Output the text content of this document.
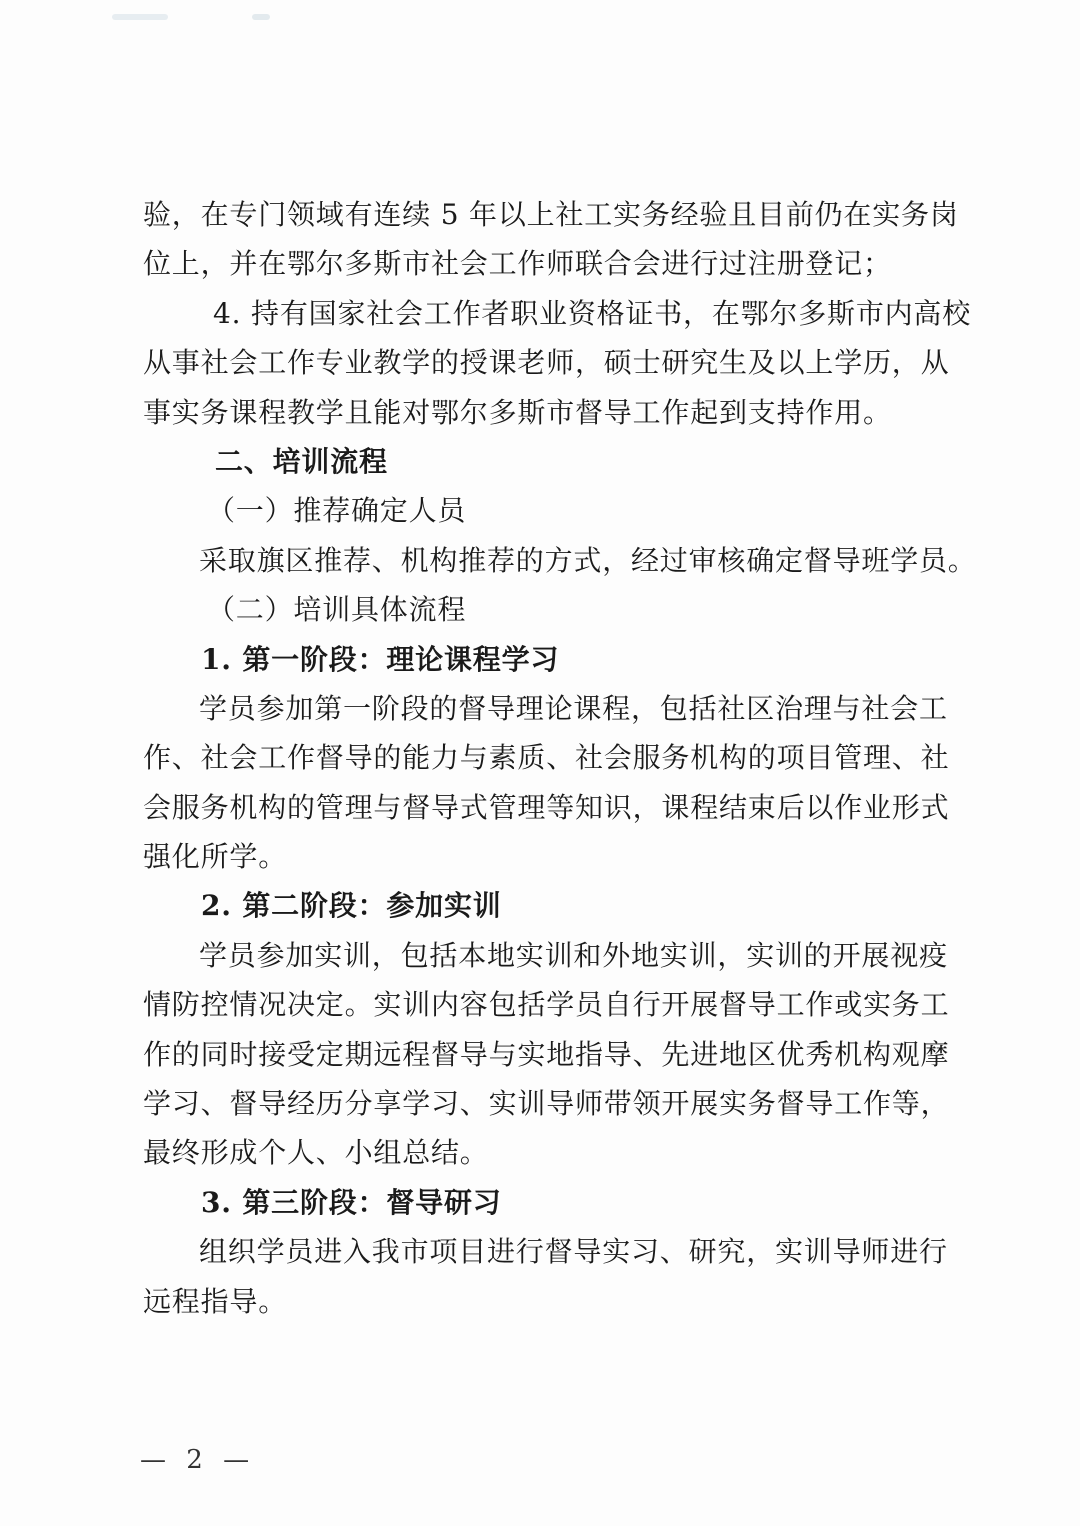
验，在专门领域有连续 5 年以上社工实务经验且目前仍在实务岗
位上，并在鄂尔多斯市社会工作师联合会进行过注册登记；
4. 持有国家社会工作者职业资格证书，在鄂尔多斯市内高校
从事社会工作专业教学的授课老师，硕士研究生及以上学历，从
事实务课程教学且能对鄂尔多斯市督导工作起到支持作用。
二、培训流程
（一）推荐确定人员
采取旗区推荐、机构推荐的方式，经过审核确定督导班学员。
（二）培训具体流程
1. 第一阶段：理论课程学习
学员参加第一阶段的督导理论课程，包括社区治理与社会工
作、社会工作督导的能力与素质、社会服务机构的项目管理、社
会服务机构的管理与督导式管理等知识，课程结束后以作业形式
强化所学。
2. 第二阶段：参加实训
学员参加实训，包括本地实训和外地实训，实训的开展视疫
情防控情况决定。实训内容包括学员自行开展督导工作或实务工
作的同时接受定期远程督导与实地指导、先进地区优秀机构观摩
学习、督导经历分享学习、实训导师带领开展实务督导工作等，
最终形成个人、小组总结。
3. 第三阶段：督导研习
组织学员进入我市项目进行督导实习、研究，实训导师进行
远程指导。
— 2 —
